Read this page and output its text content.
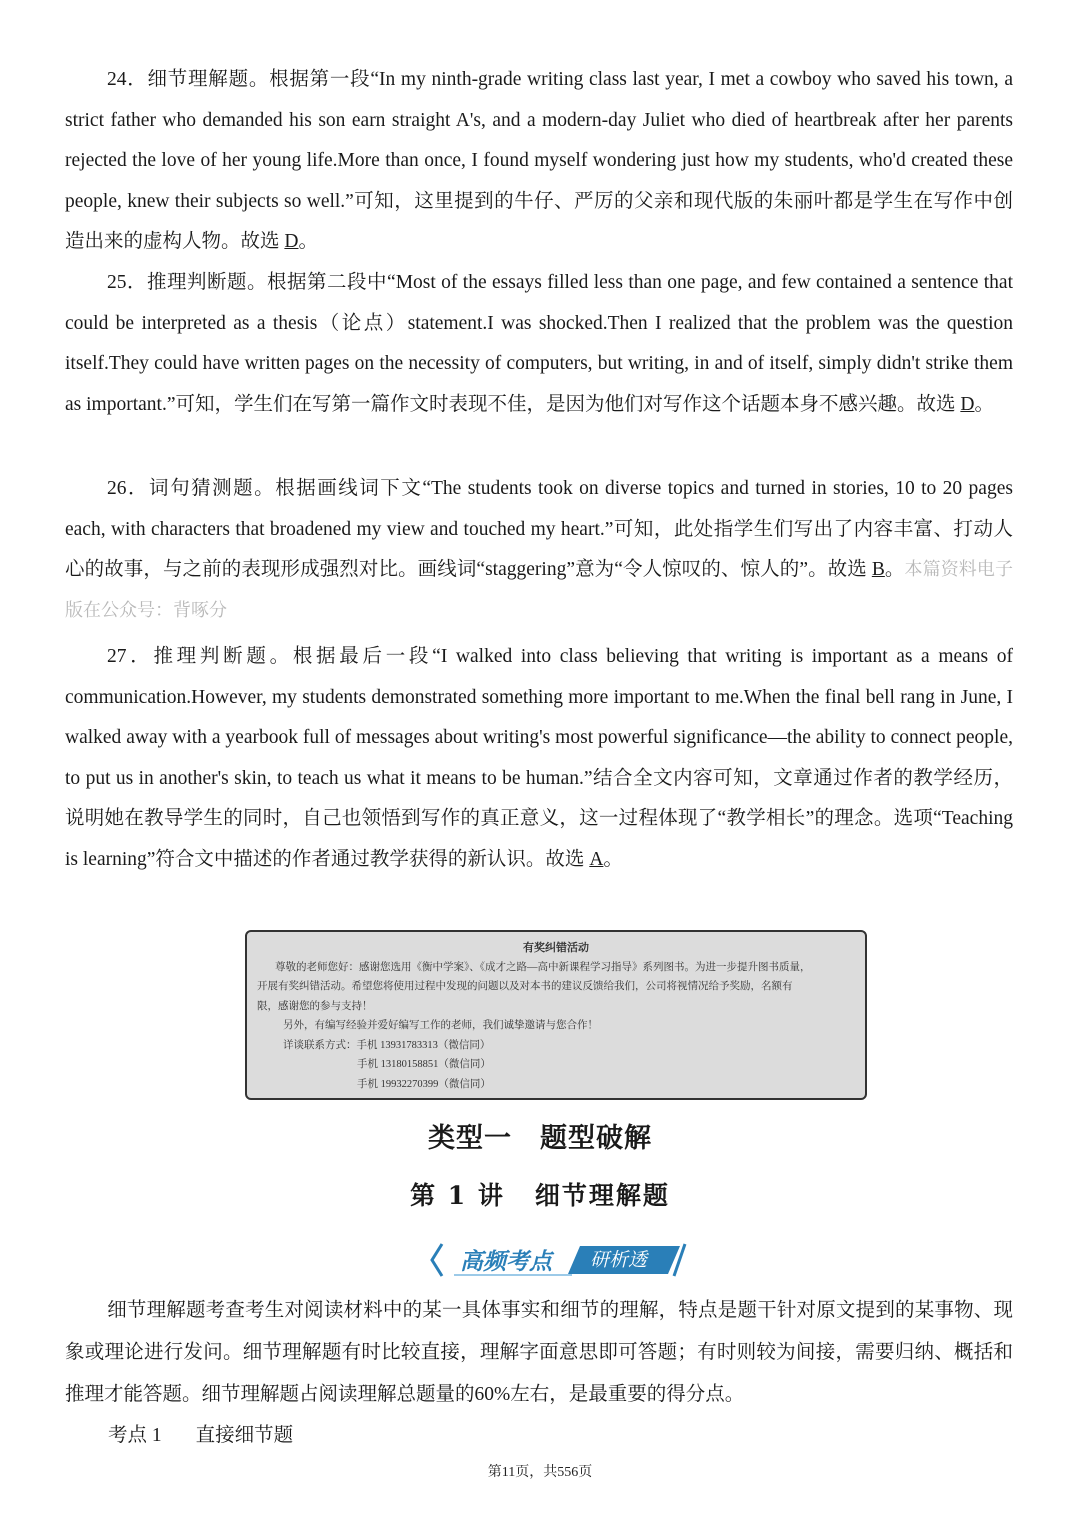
24．细节理解题。根据第一段“In my ninth-grade writing class last year, I met a cowboy who saved his town, a strict father who demanded his son earn straight A's, and a modern-day Juliet who died of heartbreak after her parents rejected the love of her young life.More than once, I found myself wondering just how my students, who'd created these people, knew their subjects so well.”可知，这里提到的牛仔、严厉的父亲和现代版的朱丽叶都是学生在写作中创造出来的虚构人物。故选 D。

25．推理判断题。根据第二段中“Most of the essays filled less than one page, and few contained a sentence that could be interpreted as a thesis（论点）statement.I was shocked.Then I realized that the problem was the question itself.They could have written pages on the necessity of computers, but writing, in and of itself, simply didn't strike them as important.”可知，学生们在写第一篇作文时表现不佳，是因为他们对写作这个话题本身不感兴趣。故选 D。

26．词句猜测题。根据画线词下文“The students took on diverse topics and turned in stories, 10 to 20 pages each, with characters that broadened my view and touched my heart.”可知，此处指学生们写出了内容丰富、打动人心的故事，与之前的表现形成强烈对比。画线词“staggering”意为“令人惊叹的、惊人的”。故选 B。本篇资料电子版在公众号：背啄分

27．推理判断题。根据最后一段“I walked into class believing that writing is important as a means of communication.However, my students demonstrated something more important to me.When the final bell rang in June, I walked away with a yearbook full of messages about writing's most powerful significance—the ability to connect people, to put us in another's skin, to teach us what it means to be human.”结合全文内容可知，文章通过作者的教学经历，说明她在教导学生的同时，自己也领悟到写作的真正意义，这一过程体现了“教学相长”的理念。选项“Teaching is learning”符合文中描述的作者通过教学获得的新认识。故选 A。

有奖纠错活动
尊敬的老师您好：感谢您选用《衡中学案》、《成才之路—高中新课程学习指导》系列图书。为进一步提升图书质量，
开展有奖纠错活动。希望您将使用过程中发现的问题以及对本书的建议反馈给我们，公司将视情况给予奖励，名额有
限，感谢您的参与支持！
另外，有编写经验并爱好编写工作的老师，我们诚挚邀请与您合作！
详谈联系方式：手机 13931783313（微信同）
手机 13180158851（微信同）
手机 19932270399（微信同）
类型一 题型破解
第 1 讲 细节理解题
高频考点 研析透

细节理解题考查考生对阅读材料中的某一具体事实和细节的理解，特点是题干针对原文提到的某事物、现象或理论进行发问。细节理解题有时比较直接，理解字面意思即可答题；有时则较为间接，需要归纳、概括和推理才能答题。细节理解题占阅读理解总题量的60%左右，是最重要的得分点。

考点 1 直接细节题
第11页，共556页
